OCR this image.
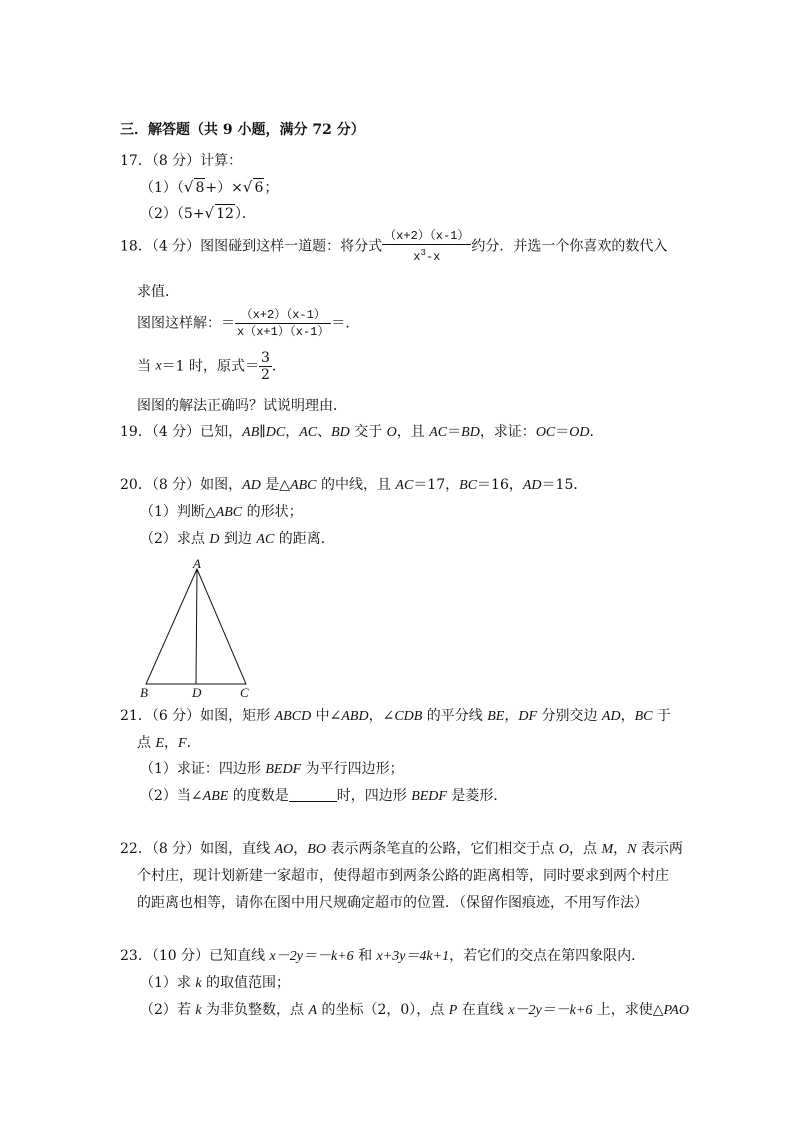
三．解答题（共 9 小题，满分 72 分）
17．（8 分）计算：
（1）（√ 8+）×√ 6；
（2）（5+√ 12）．
18．（4 分）图图碰到这样一道题：将分式 $\frac{(x+2)(x-1)}{x^3-x}$ 约分．并选一个你喜欢的数代入
求值．
图图这样解：＝ $\frac{(x+2)(x-1)}{x(x+1)(x-1)}$ ＝．
当 x＝1 时，原式＝ $\frac{3}{2}$ ．
图图的解法正确吗？试说明理由．
19．（4 分）已知，AB∥DC，AC、BD 交于 O，且 AC＝BD，求证：OC＝OD．
20．（8 分）如图，AD 是△ABC 的中线，且 AC＝17，BC＝16，AD＝15．
（1）判断△ABC 的形状；
（2）求点 D 到边 AC 的距离．
A
B	D	C
21．（6 分）如图，矩形 ABCD 中∠ABD，∠CDB 的平分线 BE，DF 分别交边 AD，BC 于
点 E，F．
（1）求证：四边形 BEDF 为平行四边形；
（2）当∠ABE 的度数是	时，四边形 BEDF 是菱形．
22．（8 分）如图，直线 AO，BO 表示两条笔直的公路，它们相交于点 O，点 M，N 表示两
个村庄，现计划新建一家超市，使得超市到两条公路的距离相等，同时要求到两个村庄
的距离也相等，请你在图中用尺规确定超市的位置．（保留作图痕迹，不用写作法）
23．（10 分）已知直线 x－2y＝－k+6 和 x+3y＝4k+1，若它们的交点在第四象限内．
（1）求 k 的取值范围；
（2）若 k 为非负整数，点 A 的坐标（2，0），点 P 在直线 x－2y＝－k+6 上，求使△PAO
